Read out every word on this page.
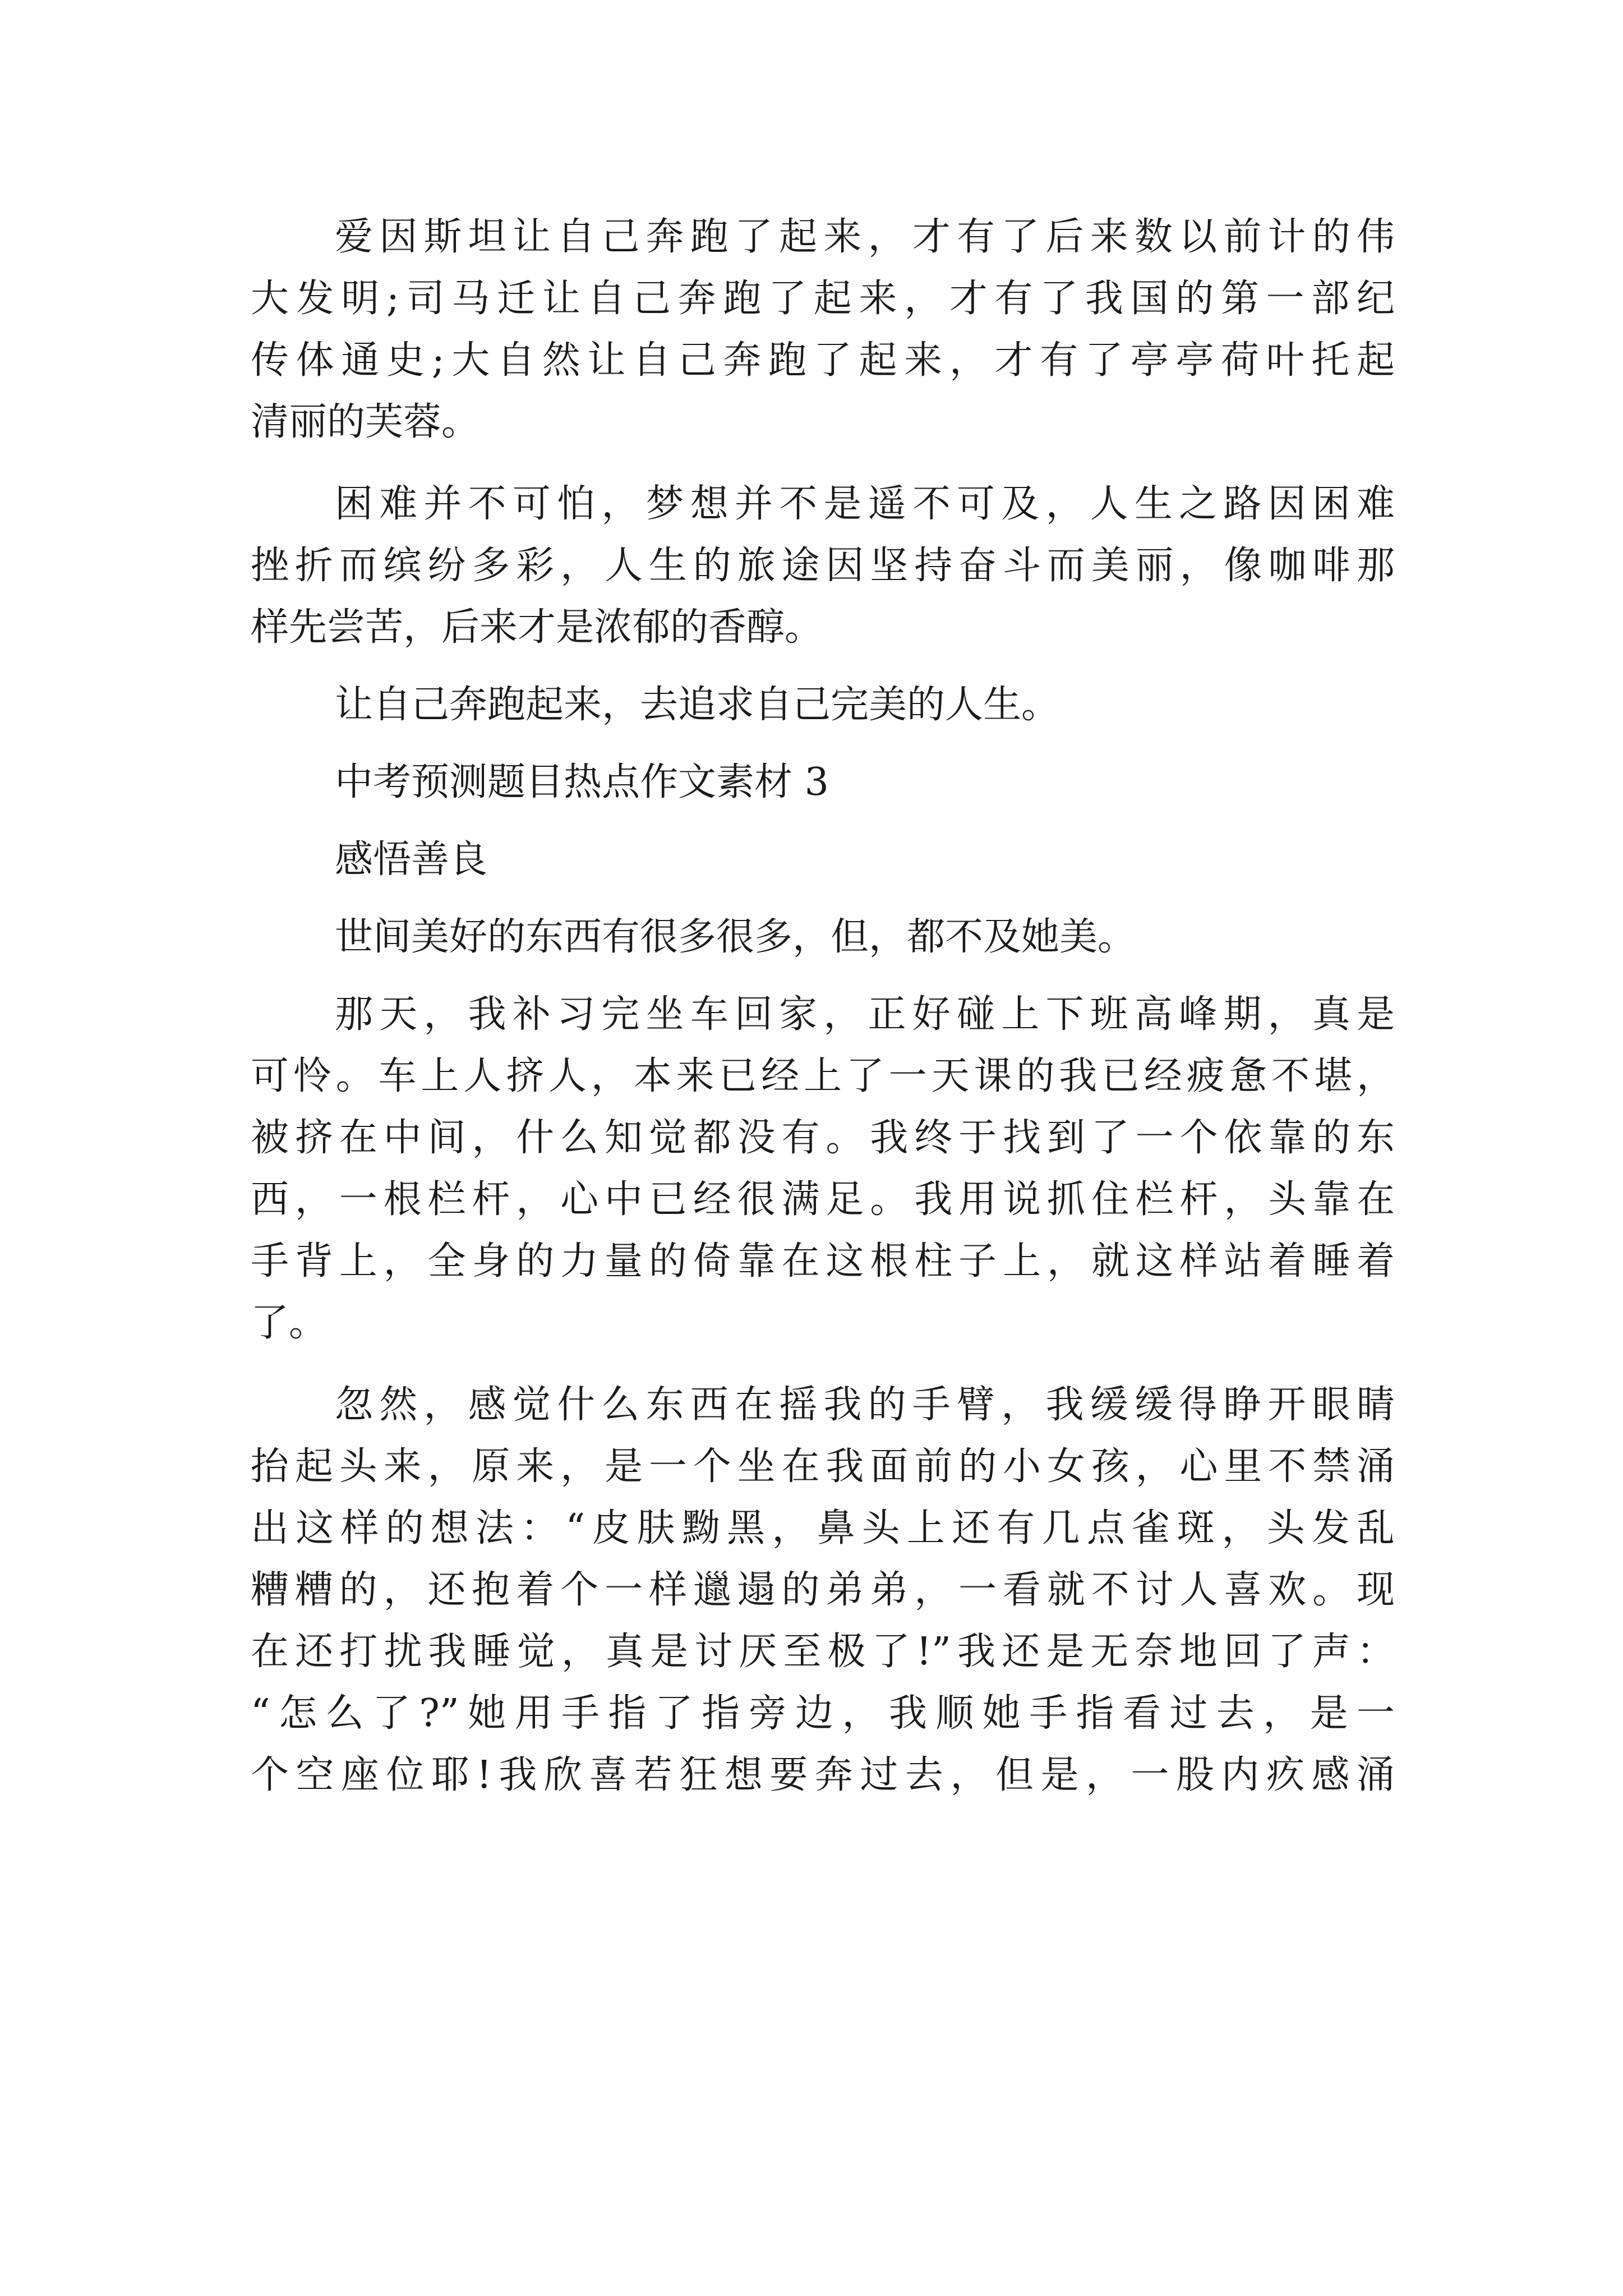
爱因斯坦让自己奔跑了起来，才有了后来数以前计的伟
大发明;司马迁让自己奔跑了起来，才有了我国的第一部纪
传体通史;大自然让自己奔跑了起来，才有了亭亭荷叶托起
清丽的芙蓉。
困难并不可怕，梦想并不是遥不可及，人生之路因困难
挫折而缤纷多彩，人生的旅途因坚持奋斗而美丽，像咖啡那
样先尝苦，后来才是浓郁的香醇。
让自己奔跑起来，去追求自己完美的人生。
中考预测题目热点作文素材 3
感悟善良
世间美好的东西有很多很多，但，都不及她美。
那天，我补习完坐车回家，正好碰上下班高峰期，真是
可怜。车上人挤人，本来已经上了一天课的我已经疲惫不堪，
被挤在中间，什么知觉都没有。我终于找到了一个依靠的东
西，一根栏杆，心中已经很满足。我用说抓住栏杆，头靠在
手背上，全身的力量的倚靠在这根柱子上，就这样站着睡着
了。
忽然，感觉什么东西在摇我的手臂，我缓缓得睁开眼睛
抬起头来，原来，是一个坐在我面前的小女孩，心里不禁涌
出这样的想法：“皮肤黝黑，鼻头上还有几点雀斑，头发乱
糟糟的，还抱着个一样邋遢的弟弟，一看就不讨人喜欢。现
在还打扰我睡觉，真是讨厌至极了!”我还是无奈地回了声：
“怎么了?”她用手指了指旁边，我顺她手指看过去，是一
个空座位耶!我欣喜若狂想要奔过去，但是，一股内疚感涌
